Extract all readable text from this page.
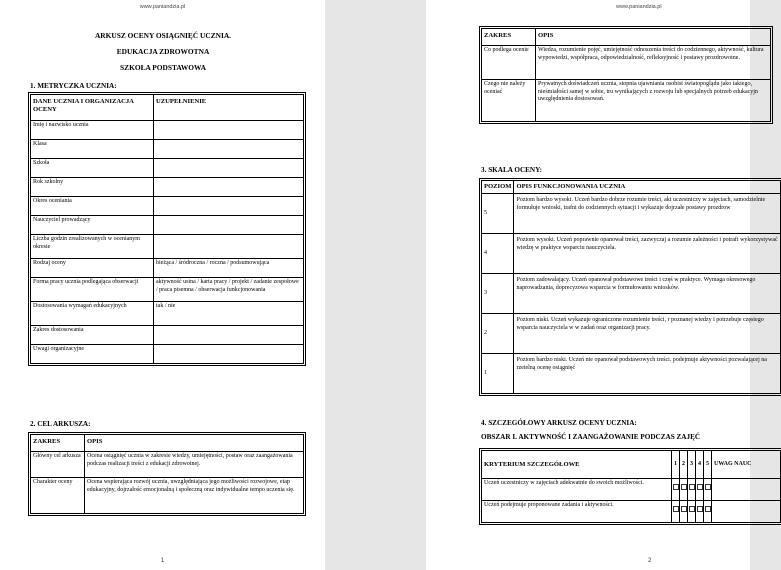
www.paniandzia.pl
ARKUSZ OCENY OSIĄGNIĘĆ UCZNIA.
EDUKACJA ZDROWOTNA
SZKOŁA PODSTAWOWA
1. METRYCZKA UCZNIA:
DANE UCZNIA I ORGANIZACJA OCENY	UZUPEŁNIENIE
Imię i nazwisko ucznia	
Klasa	
Szkoła	
Rok szkolny	
Okres oceniania	
Nauczyciel prowadzący	
Liczba godzin zrealizowanych w ocenianym okresie	
Rodzaj oceny	bieżąca / śródroczna / roczna / podsumowująca
Forma pracy ucznia podlegająca obserwacji	aktywność ustna / karta pracy / projekt / zadanie zespołowe / praca pisemna / obserwacja funkcjonowania
Dostosowania wymagań edukacyjnych	tak / nie
Zakres dostosowania	
Uwagi organizacyjne	
2. CEL ARKUSZA:
ZAKRES	OPIS
Główny cel arkusza	Ocena osiągnięć ucznia w zakresie wiedzy, umiejętności, postaw oraz zaangażowania podczas realizacji treści z edukacji zdrowotnej.
Charakter oceny	Ocena wspierająca rozwój ucznia, uwzględniająca jego możliwości rozwojowe, etap edukacyjny, dojrzałość emocjonalną i społeczną oraz indywidualne tempo uczenia się.
1
www.paniandzia.pl
ZAKRES	OPIS
Co podlega ocenie	Wiedza, rozumienie pojęć, umiejętność odnoszenia treści do codziennego, aktywność, kultura wypowiedzi, współpraca, odpowiedzialność, refleksyjność i postawy prozdrowotne.
Czego nie należy oceniać	Prywatnych doświadczeń ucznia, stopnia ujawniania osobist światopoglądu jako takiego, nieśmiałości samej w sobie, tru wynikających z rozwoju lub specjalnych potrzeb edukacyjn uwzględnienia dostosowań.
3. SKALA OCENY:
POZIOM	OPIS FUNKCJONOWANIA UCZNIA
5	Poziom bardzo wysoki. Uczeń bardzo dobrze rozumie treści, akt uczestniczy w zajęciach, samodzielnie formułuje wnioski, trafni do codziennych sytuacji i wykazuje dojrzałe postawy prozdrow
4	Poziom wysoki. Uczeń poprawnie opanował treści, zazwyczaj a rozumie zależności i potrafi wykorzystywać wiedzę w praktyce wsparciu nauczyciela.
3	Poziom zadowalający. Uczeń opanował podstawowe treści i częś w praktyce. Wymaga okresowego naprowadzania, doprecyzowa wsparcia w formułowaniu wniosków.
2	Poziom niski. Uczeń wykazuje ograniczone rozumienie treści, r poznanej wiedzy i potrzebuje częstego wsparcia nauczyciela w w zadań oraz organizacji pracy.
1	Poziom bardzo niski. Uczeń nie opanował podstawowych treści. podejmuje aktywności pozwalającej na rzetelną ocenę osiągnięć
4. SZCZEGÓŁOWY ARKUSZ OCENY UCZNIA:
OBSZAR I. AKTYWNOŚĆ I ZAANGAŻOWANIE PODCZAS ZAJĘĆ
KRYTERIUM SZCZEGÓŁOWE	1	2	3	4	5	UWAG NAUC
Uczeń uczestniczy w zajęciach adekwatnie do swoich możliwości.						
Uczeń podejmuje proponowane zadania i aktywności.						
2
